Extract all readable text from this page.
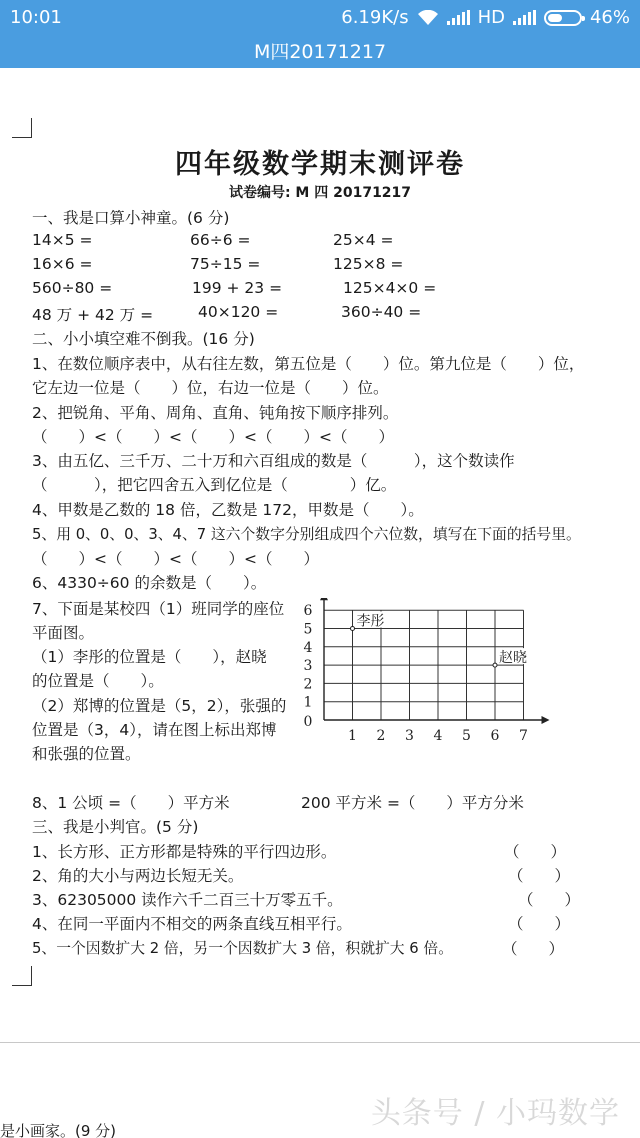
10:01	6.19K/s	HD	46%
M四20171217
四年级数学期末测评卷
试卷编号: M 四 20171217
一、我是口算小神童。(6 分)
14×5 =	66÷6 =	25×4 =
16×6 =	75÷15 =	125×8 =
560÷80 =	199 + 23 =	125×4×0 =
48 万 + 42 万 =	40×120 =	360÷40 =
二、小小填空难不倒我。(16 分)
1、在数位顺序表中，从右往左数，第五位是（　　）位。第九位是（　　）位，
它左边一位是（　　）位，右边一位是（　　）位。
2、把锐角、平角、周角、直角、钝角按下顺序排列。
（　　）<（　　）<（　　）<（　　）<（　　）
3、由五亿、三千万、二十万和六百组成的数是（　　　），这个数读作
（　　　），把它四舍五入到亿位是（　　　　）亿。
4、甲数是乙数的 18 倍，乙数是 172，甲数是（　　）。
5、用 0、0、0、3、4、7 这六个数字分别组成四个六位数，填写在下面的括号里。
（　　）<（　　）<（　　）<（　　）
6、4330÷60 的余数是（　　）。
7、下面是某校四（1）班同学的座位
平面图。
（1）李彤的位置是（　　），赵晓
的位置是（　　）。
（2）郑博的位置是（5，2），张强的
位置是（3，4），请在图上标出郑博
和张强的位置。
1 2 3 4 5 6 7
1
2
3
4
5
6
0
李彤
赵晓
8、1 公顷 =（　　）平方米	200 平方米 =（　　）平方分米
三、我是小判官。(5 分)
1、长方形、正方形都是特殊的平行四边形。	（　　）
2、角的大小与两边长短无关。	（　　）
3、62305000 读作六千二百三十万零五千。	（　　）
4、在同一平面内不相交的两条直线互相平行。	（　　）
5、一个因数扩大 2 倍，另一个因数扩大 3 倍，积就扩大 6 倍。	（　　）
头条号 / 小玛数学
是小画家。(9 分)
